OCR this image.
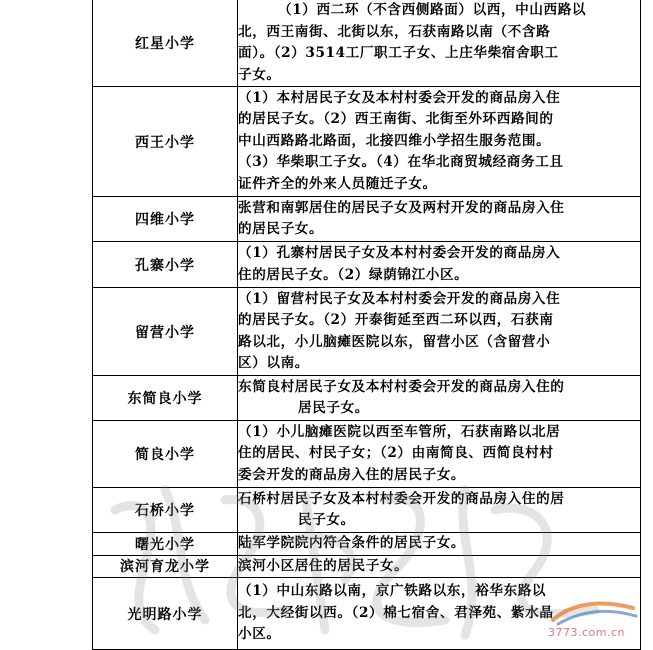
红星小学	（1）西二环（不含西侧路面）以西，中山西路以
北，西王南街、北街以东，石获南路以南（不含路
面）。（2）3514工厂职工子女、上庄华柴宿舍职工
子女。

西王小学	（1）本村居民子女及本村村委会开发的商品房入住
的居民子女。（2）西王南街、北街至外环西路间的
中山西路路北路面，北接四维小学招生服务范围。
（3）华柴职工子女。（4）在华北商贸城经商务工且
证件齐全的外来人员随迁子女。

四维小学	张营和南郭居住的居民子女及两村开发的商品房入住
的居民子女。

孔寨小学	（1）孔寨村居民子女及本村村委会开发的商品房入
住的居民子女。（2）绿荫锦江小区。

留营小学	（1）留营村民子女及本村村委会开发的商品房入住
的居民子女。（2）开泰街延至西二环以西，石获南
路以北，小儿脑瘫医院以东，留营小区（含留营小
区）以南。

东简良小学	东简良村居民子女及本村村委会开发的商品房入住的
居民子女。

简良小学	（1）小儿脑瘫医院以西至车管所，石获南路以北居
住的居民、村民子女；（2）由南简良、西简良村村
委会开发的商品房入住的居民子女。

石桥小学	石桥村居民子女及本村村委会开发的商品房入住的居
民子女。

曙光小学	陆军学院院内符合条件的居民子女。

滨河育龙小学	滨河小区居住的居民子女。

光明路小学	（1）中山东路以南，京广铁路以东，裕华东路以
北，大经街以西。（2）棉七宿舍、君泽苑、紫水晶
小区。	3773.com.cn
